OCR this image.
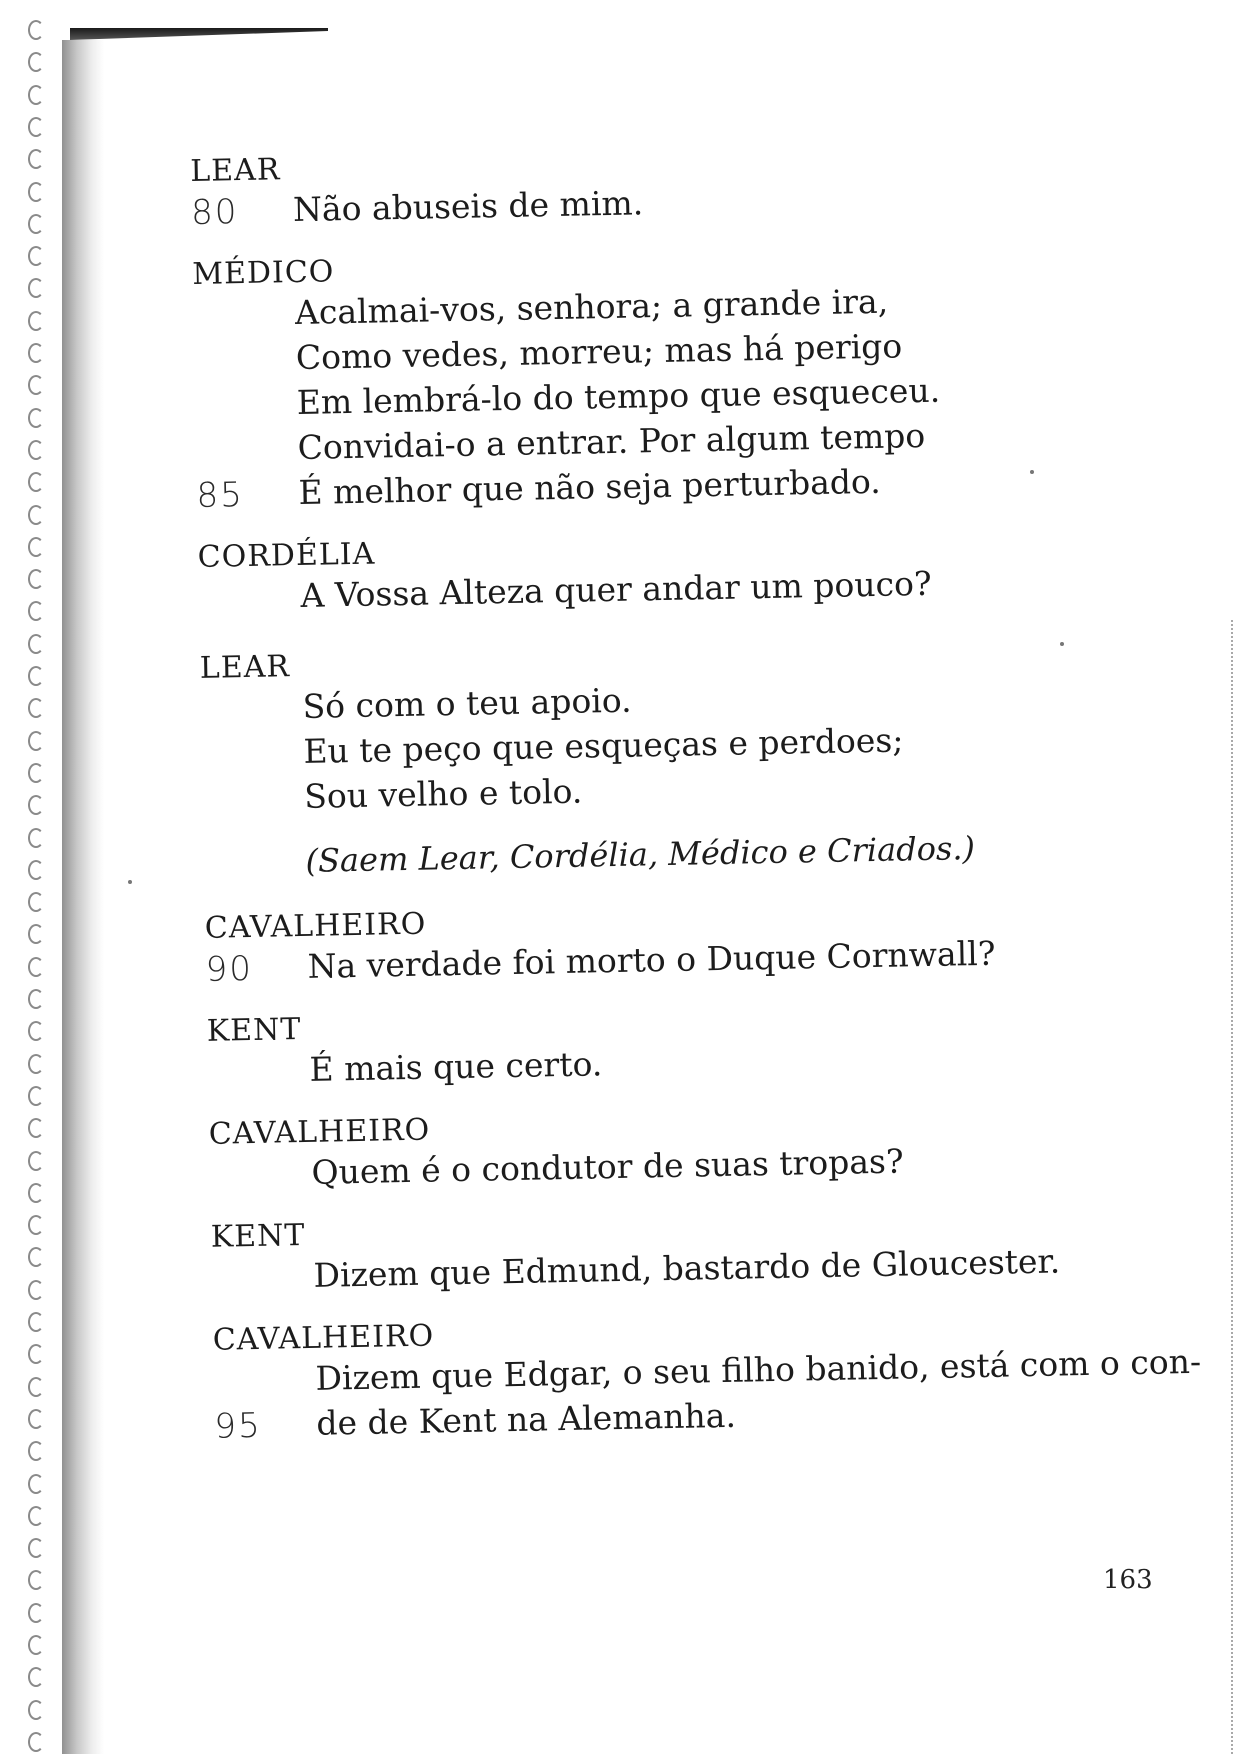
LEAR
80 Não abuseis de mim.
MÉDICO
Acalmai-vos, senhora; a grande ira,
Como vedes, morreu; mas há perigo
Em lembrá-lo do tempo que esqueceu.
Convidai-o a entrar. Por algum tempo
85 É melhor que não seja perturbado.
CORDÉLIA
A Vossa Alteza quer andar um pouco?
LEAR
Só com o teu apoio.
Eu te peço que esqueças e perdoes;
Sou velho e tolo.
(Saem Lear, Cordélia, Médico e Criados.)
CAVALHEIRO
90 Na verdade foi morto o Duque Cornwall?
KENT
É mais que certo.
CAVALHEIRO
Quem é o condutor de suas tropas?
KENT
Dizem que Edmund, bastardo de Gloucester.
CAVALHEIRO
Dizem que Edgar, o seu filho banido, está com o con-
95 de de Kent na Alemanha.
163
